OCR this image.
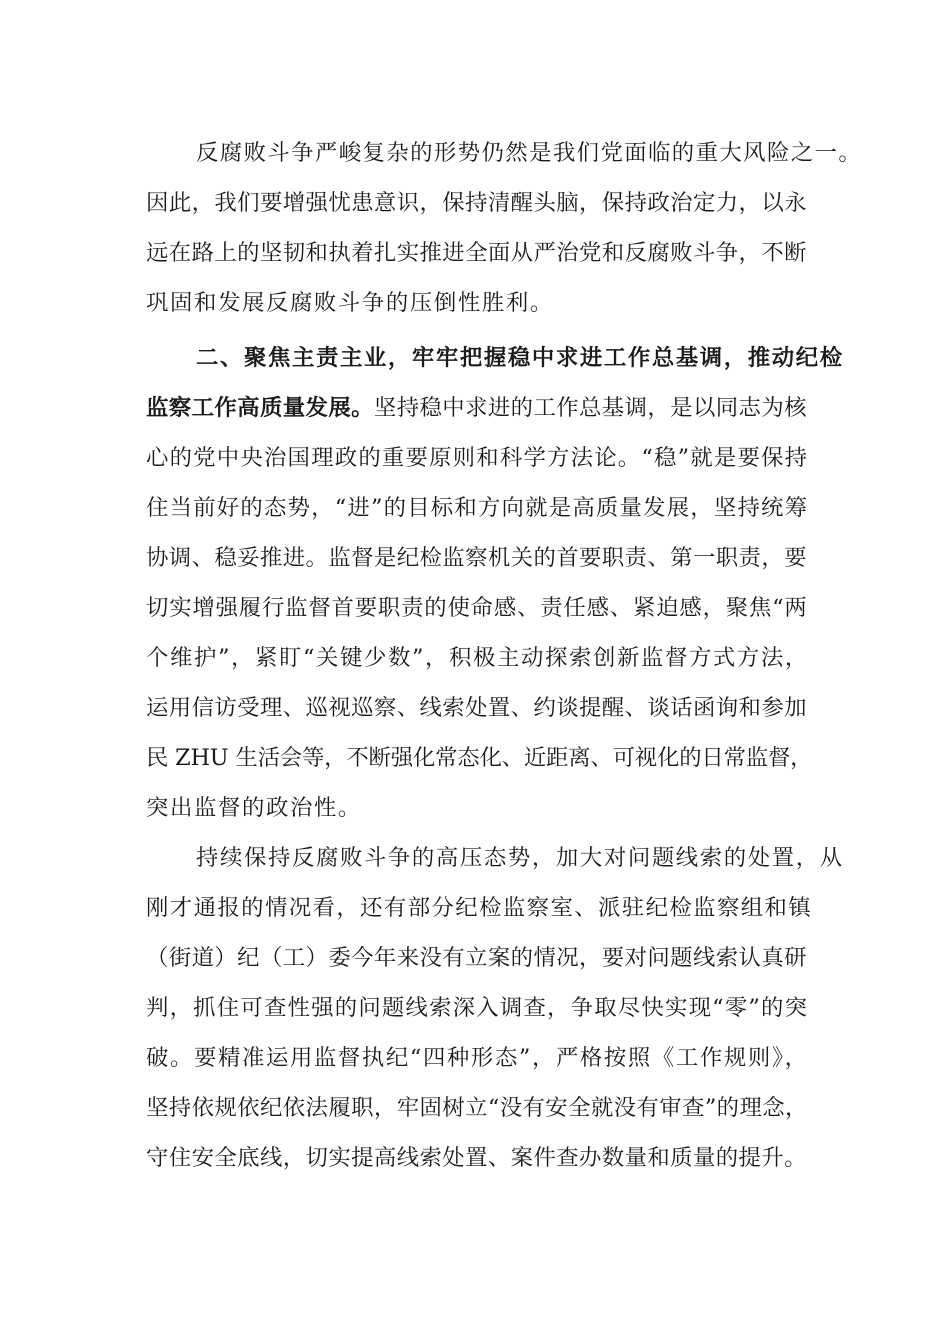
反腐败斗争严峻复杂的形势仍然是我们党面临的重大风险之一。
因此，我们要增强忧患意识，保持清醒头脑，保持政治定力，以永
远在路上的坚韧和执着扎实推进全面从严治党和反腐败斗争，不断
巩固和发展反腐败斗争的压倒性胜利。
二、聚焦主责主业，牢牢把握稳中求进工作总基调，推动纪检
监察工作高质量发展。坚持稳中求进的工作总基调，是以同志为核
心的党中央治国理政的重要原则和科学方法论。“稳”就是要保持
住当前好的态势，“进”的目标和方向就是高质量发展，坚持统筹
协调、稳妥推进。监督是纪检监察机关的首要职责、第一职责，要
切实增强履行监督首要职责的使命感、责任感、紧迫感，聚焦“两
个维护”，紧盯“关键少数”，积极主动探索创新监督方式方法，
运用信访受理、巡视巡察、线索处置、约谈提醒、谈话函询和参加
民 ZHU 生活会等，不断强化常态化、近距离、可视化的日常监督，
突出监督的政治性。
持续保持反腐败斗争的高压态势，加大对问题线索的处置，从
刚才通报的情况看，还有部分纪检监察室、派驻纪检监察组和镇
（街道）纪（工）委今年来没有立案的情况，要对问题线索认真研
判，抓住可查性强的问题线索深入调查，争取尽快实现“零”的突
破。要精准运用监督执纪“四种形态”，严格按照《工作规则》，
坚持依规依纪依法履职，牢固树立“没有安全就没有审查”的理念，
守住安全底线，切实提高线索处置、案件查办数量和质量的提升。
